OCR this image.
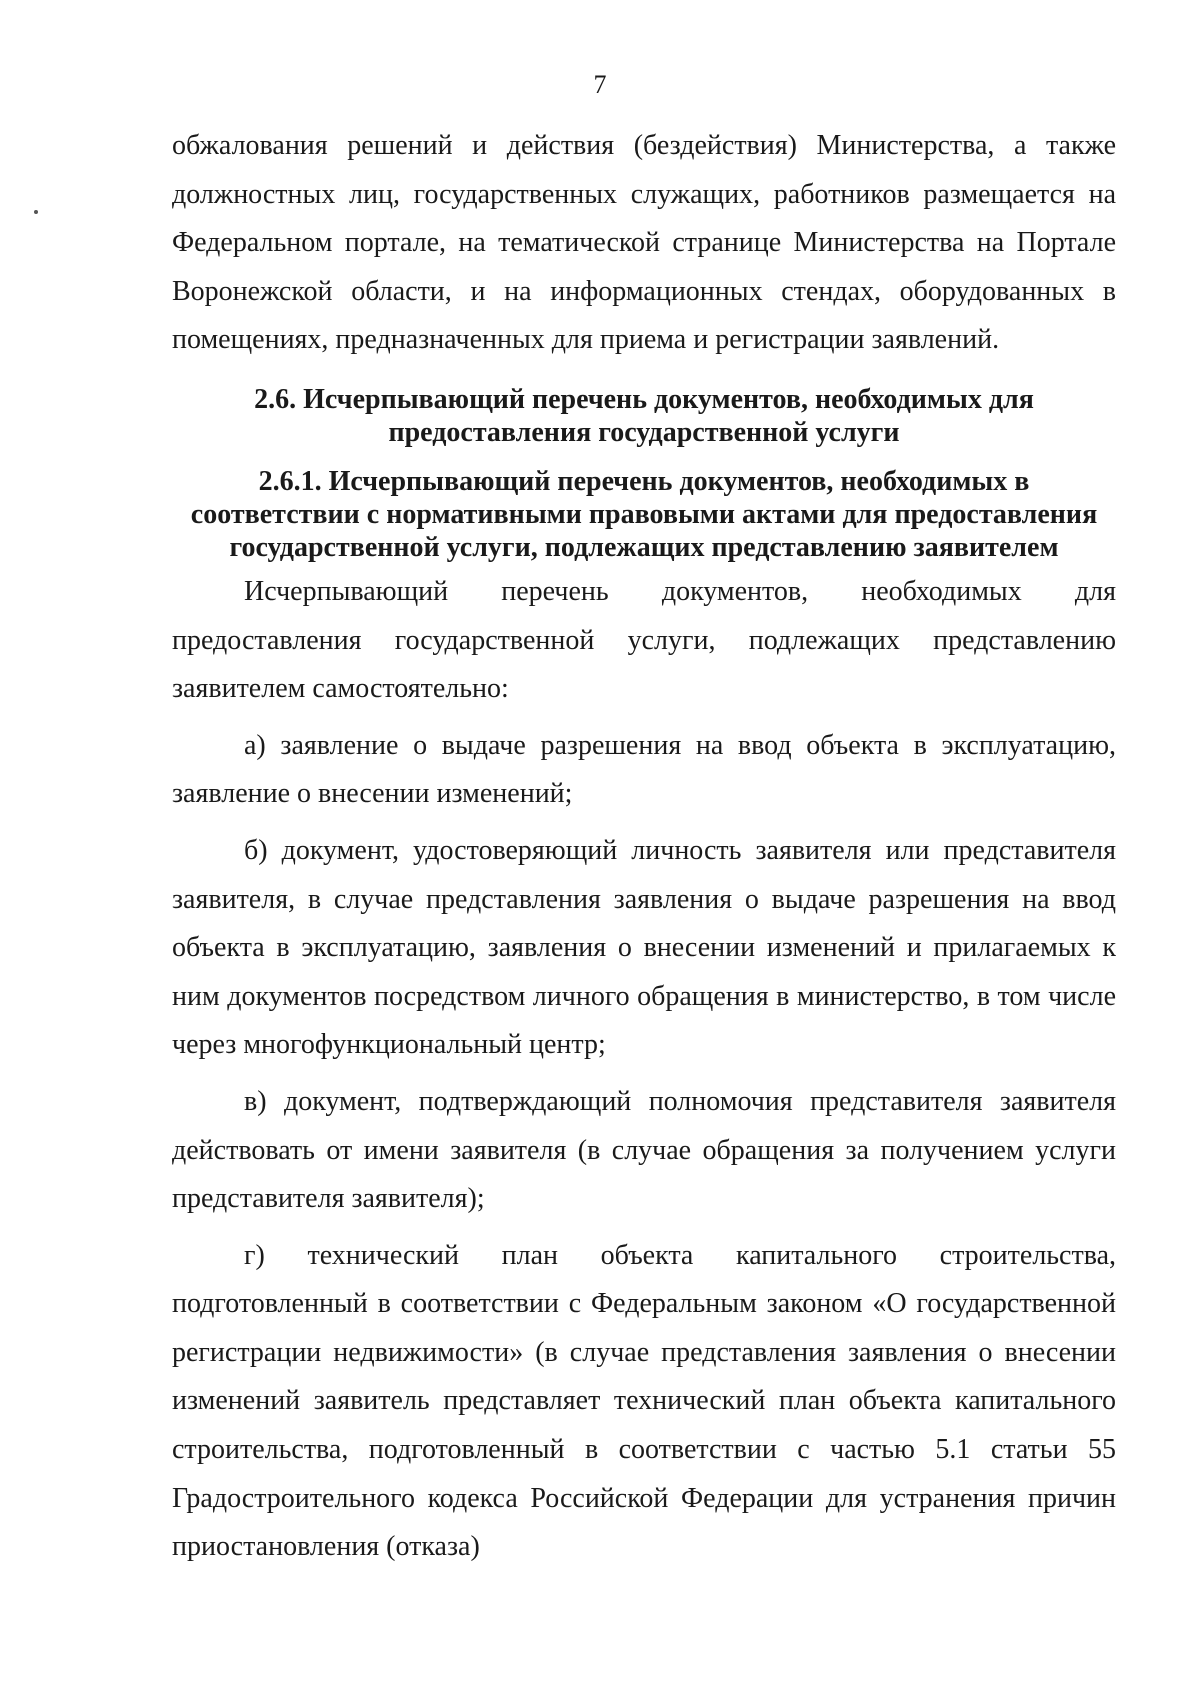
7

обжалования решений и действия (бездействия) Министерства, а также должностных лиц, государственных служащих, работников размещается на Федеральном портале, на тематической странице Министерства на Портале Воронежской области, и на информационных стендах, оборудованных в помещениях, предназначенных для приема и регистрации заявлений.

2.6. Исчерпывающий перечень документов, необходимых для предоставления государственной услуги

2.6.1. Исчерпывающий перечень документов, необходимых в соответствии с нормативными правовыми актами для предоставления государственной услуги, подлежащих представлению заявителем

Исчерпывающий перечень документов, необходимых для предоставления государственной услуги, подлежащих представлению заявителем самостоятельно:

а) заявление о выдаче разрешения на ввод объекта в эксплуатацию, заявление о внесении изменений;

б) документ, удостоверяющий личность заявителя или представителя заявителя, в случае представления заявления о выдаче разрешения на ввод объекта в эксплуатацию, заявления о внесении изменений и прилагаемых к ним документов посредством личного обращения в министерство, в том числе через многофункциональный центр;

в) документ, подтверждающий полномочия представителя заявителя действовать от имени заявителя (в случае обращения за получением услуги представителя заявителя);

г) технический план объекта капитального строительства, подготовленный в соответствии с Федеральным законом «О государственной регистрации недвижимости» (в случае представления заявления о внесении изменений заявитель представляет технический план объекта капитального строительства, подготовленный в соответствии с частью 5.1 статьи 55 Градостроительного кодекса Российской Федерации для устранения причин приостановления (отказа)
